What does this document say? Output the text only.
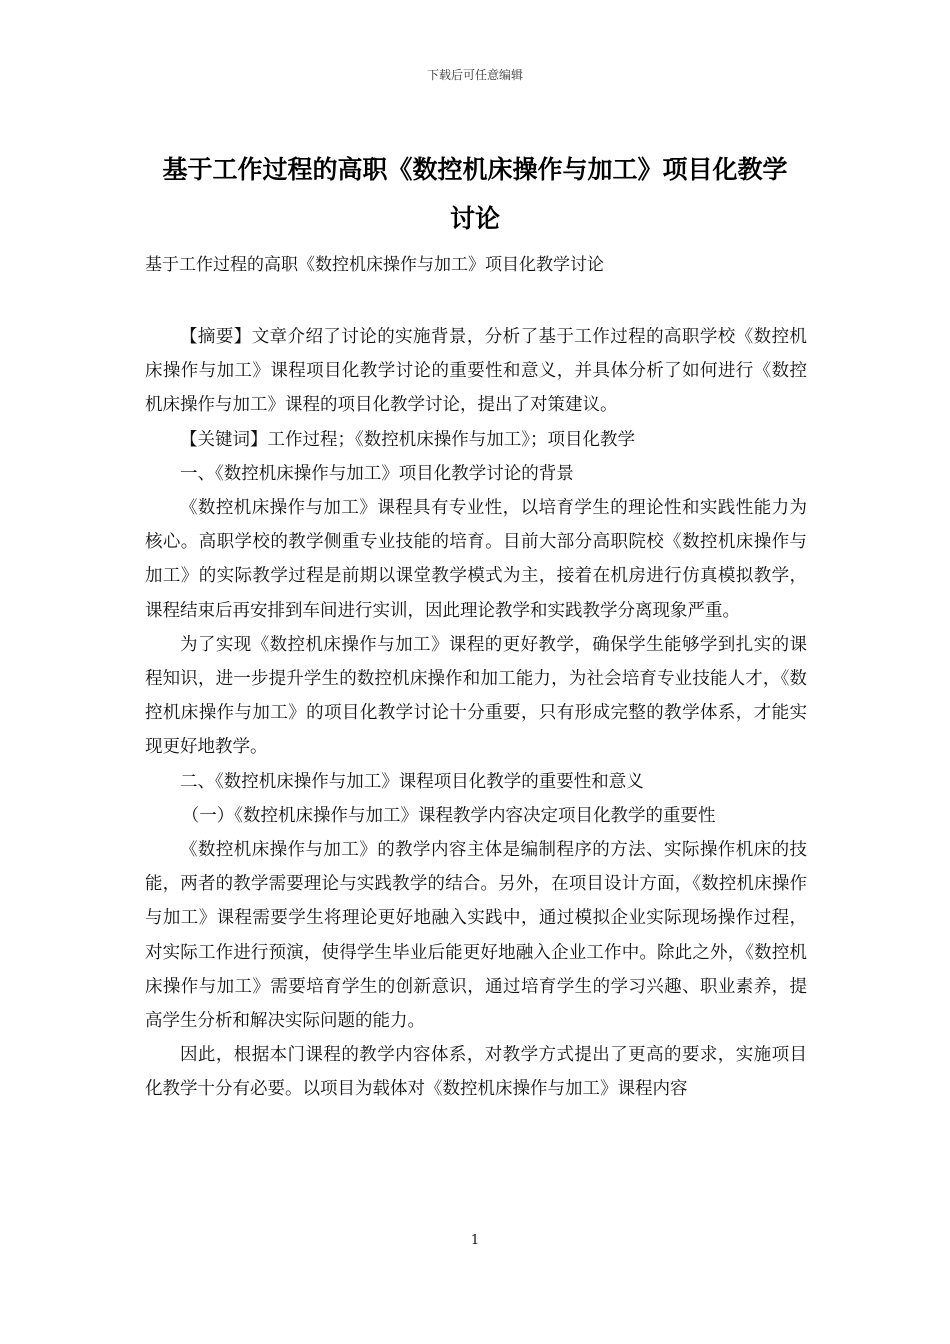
下载后可任意编辑
基于工作过程的高职《数控机床操作与加工》项目化教学
讨论
基于工作过程的高职《数控机床操作与加工》项目化教学讨论

【摘要】文章介绍了讨论的实施背景，分析了基于工作过程的高职学校《数控机床操作与加工》课程项目化教学讨论的重要性和意义，并具体分析了如何进行《数控机床操作与加工》课程的项目化教学讨论，提出了对策建议。

【关键词】工作过程；《数控机床操作与加工》；项目化教学

一、《数控机床操作与加工》项目化教学讨论的背景

《数控机床操作与加工》课程具有专业性，以培育学生的理论性和实践性能力为核心。高职学校的教学侧重专业技能的培育。目前大部分高职院校《数控机床操作与加工》的实际教学过程是前期以课堂教学模式为主，接着在机房进行仿真模拟教学，课程结束后再安排到车间进行实训，因此理论教学和实践教学分离现象严重。

为了实现《数控机床操作与加工》课程的更好教学，确保学生能够学到扎实的课程知识，进一步提升学生的数控机床操作和加工能力，为社会培育专业技能人才，《数控机床操作与加工》的项目化教学讨论十分重要，只有形成完整的教学体系，才能实现更好地教学。

二、《数控机床操作与加工》课程项目化教学的重要性和意义

（一）《数控机床操作与加工》课程教学内容决定项目化教学的重要性

《数控机床操作与加工》的教学内容主体是编制程序的方法、实际操作机床的技能，两者的教学需要理论与实践教学的结合。另外，在项目设计方面，《数控机床操作与加工》课程需要学生将理论更好地融入实践中，通过模拟企业实际现场操作过程，对实际工作进行预演，使得学生毕业后能更好地融入企业工作中。除此之外，《数控机床操作与加工》需要培育学生的创新意识，通过培育学生的学习兴趣、职业素养，提高学生分析和解决实际问题的能力。

因此，根据本门课程的教学内容体系，对教学方式提出了更高的要求，实施项目化教学十分有必要。以项目为载体对《数控机床操作与加工》课程内容

1
